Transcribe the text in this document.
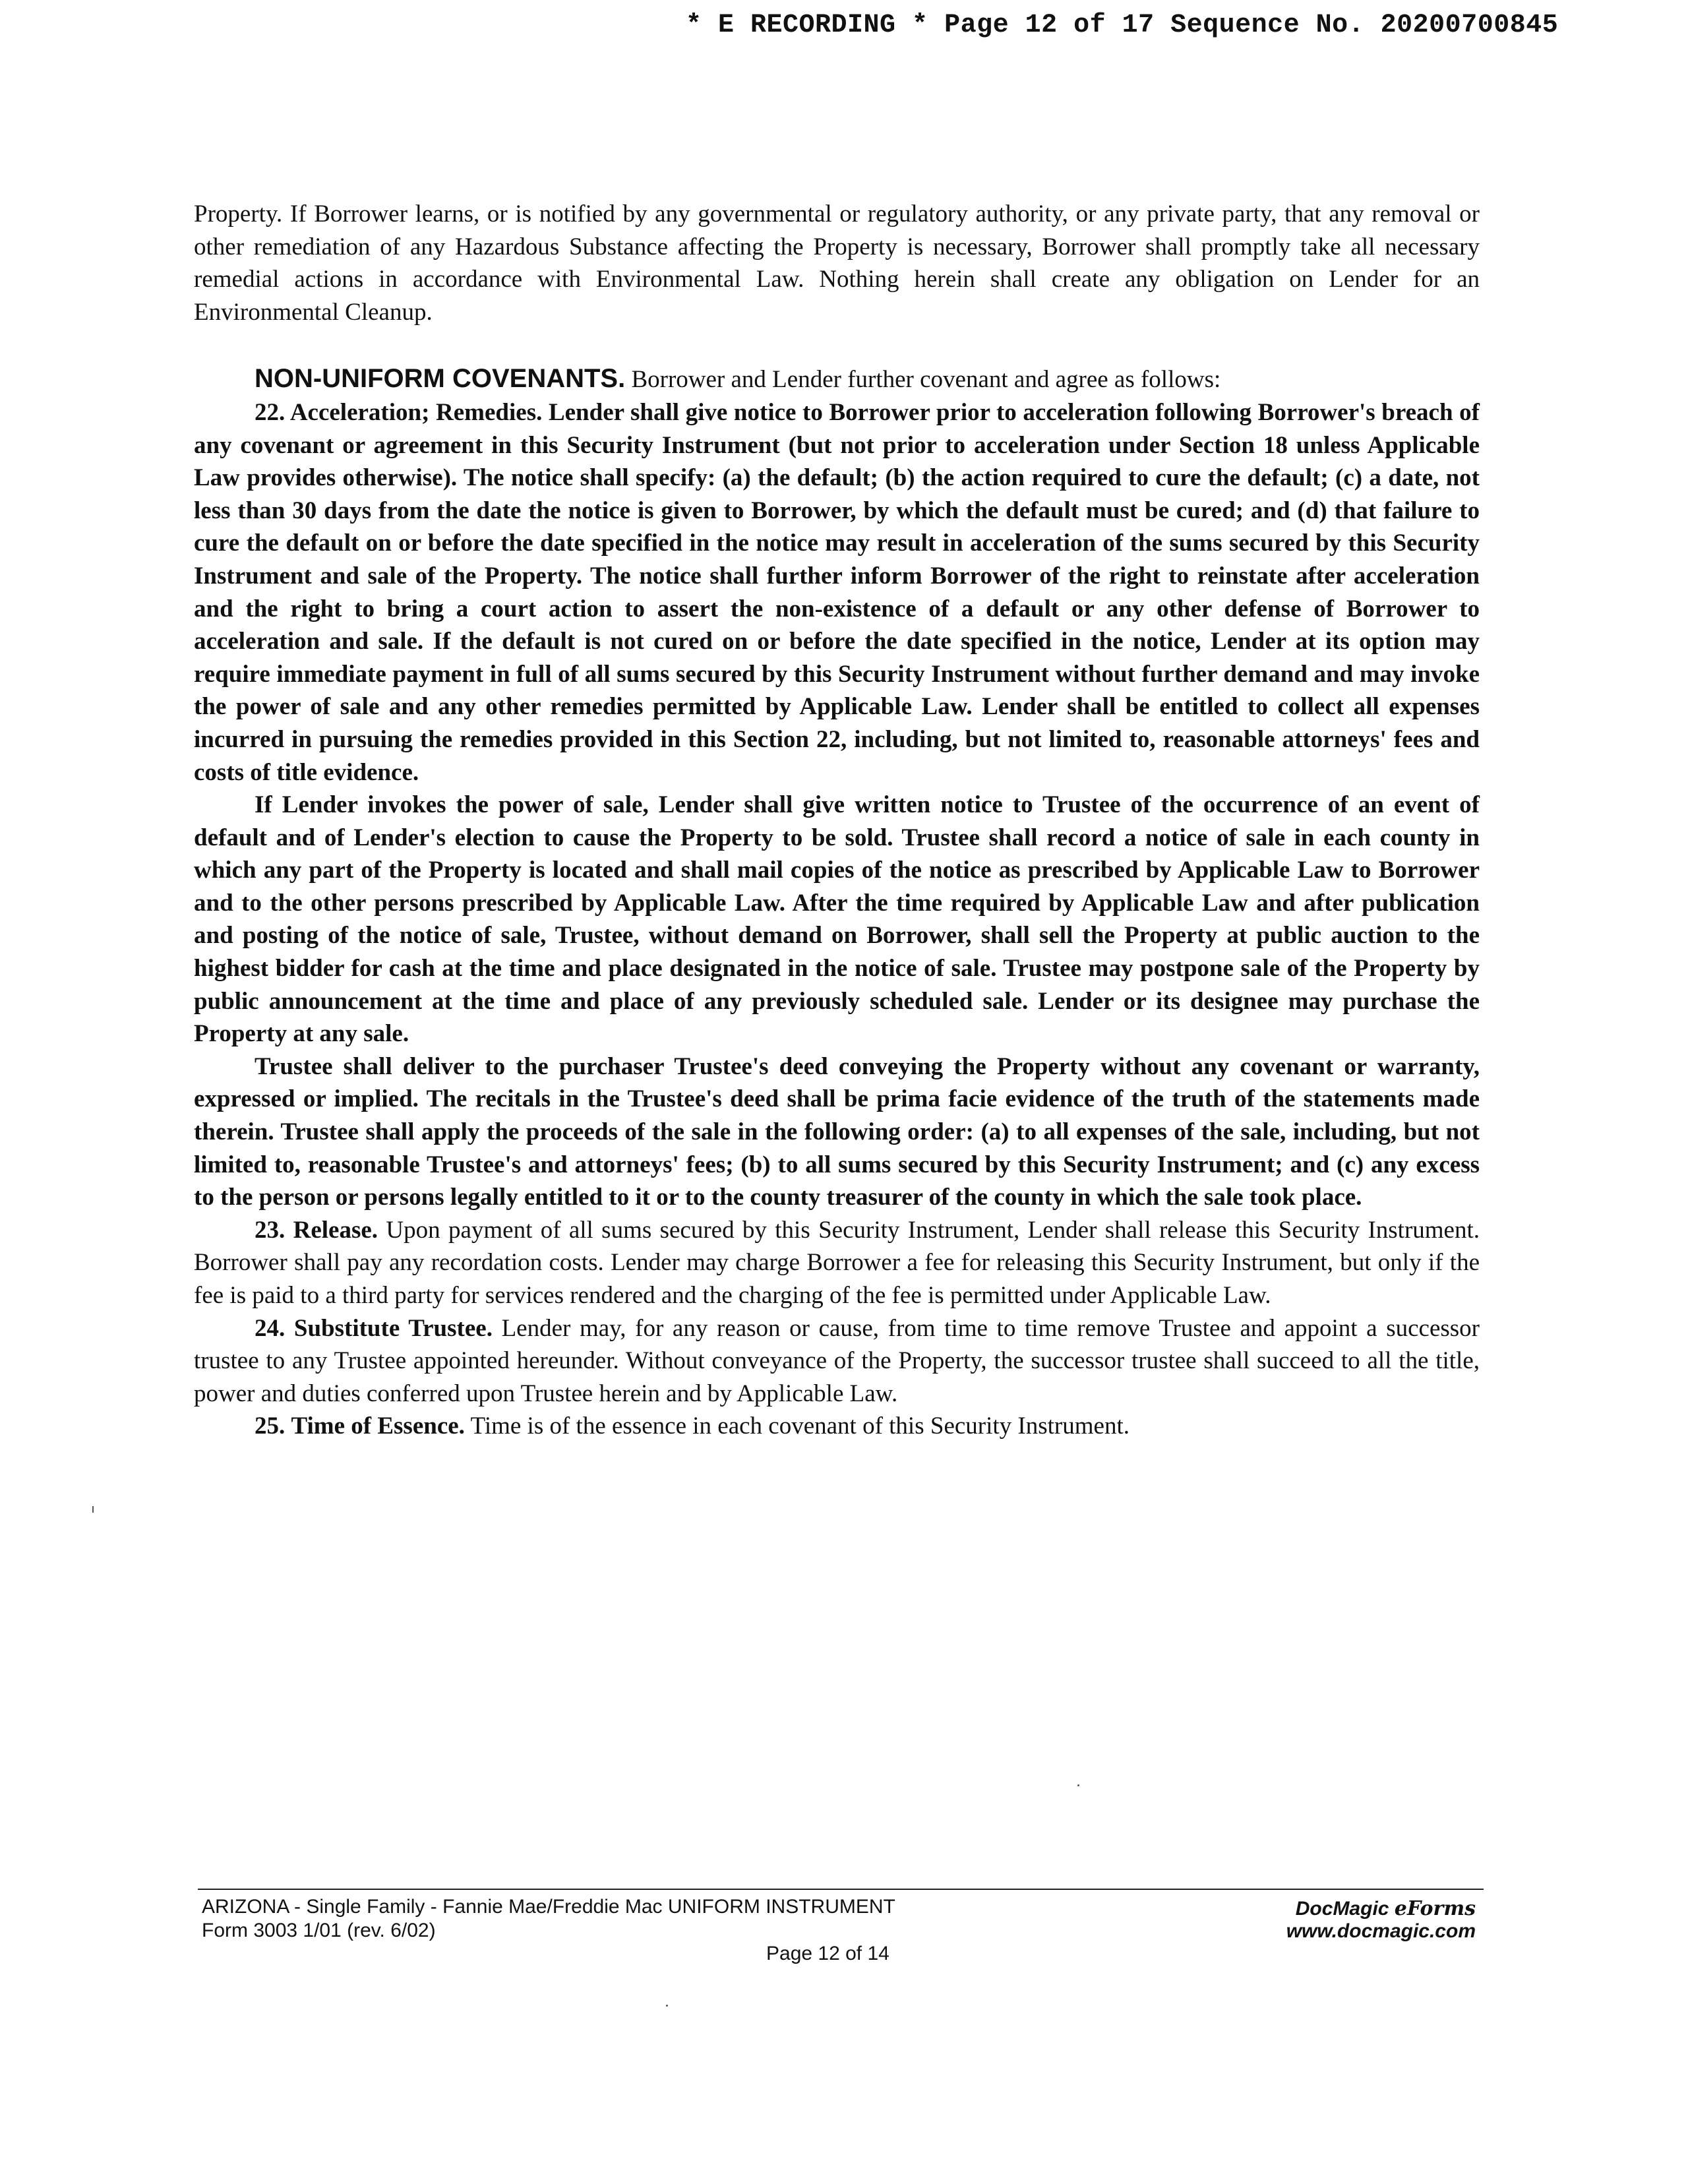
* E RECORDING * Page 12 of 17 Sequence No. 20200700845

Property. If Borrower learns, or is notified by any governmental or regulatory authority, or any private party, that any removal or other remediation of any Hazardous Substance affecting the Property is necessary, Borrower shall promptly take all necessary remedial actions in accordance with Environmental Law. Nothing herein shall create any obligation on Lender for an Environmental Cleanup.

NON-UNIFORM COVENANTS. Borrower and Lender further covenant and agree as follows:

22. Acceleration; Remedies. Lender shall give notice to Borrower prior to acceleration following Borrower's breach of any covenant or agreement in this Security Instrument (but not prior to acceleration under Section 18 unless Applicable Law provides otherwise). The notice shall specify: (a) the default; (b) the action required to cure the default; (c) a date, not less than 30 days from the date the notice is given to Borrower, by which the default must be cured; and (d) that failure to cure the default on or before the date specified in the notice may result in acceleration of the sums secured by this Security Instrument and sale of the Property. The notice shall further inform Borrower of the right to reinstate after acceleration and the right to bring a court action to assert the non-existence of a default or any other defense of Borrower to acceleration and sale. If the default is not cured on or before the date specified in the notice, Lender at its option may require immediate payment in full of all sums secured by this Security Instrument without further demand and may invoke the power of sale and any other remedies permitted by Applicable Law. Lender shall be entitled to collect all expenses incurred in pursuing the remedies provided in this Section 22, including, but not limited to, reasonable attorneys' fees and costs of title evidence.

If Lender invokes the power of sale, Lender shall give written notice to Trustee of the occurrence of an event of default and of Lender's election to cause the Property to be sold. Trustee shall record a notice of sale in each county in which any part of the Property is located and shall mail copies of the notice as prescribed by Applicable Law to Borrower and to the other persons prescribed by Applicable Law. After the time required by Applicable Law and after publication and posting of the notice of sale, Trustee, without demand on Borrower, shall sell the Property at public auction to the highest bidder for cash at the time and place designated in the notice of sale. Trustee may postpone sale of the Property by public announcement at the time and place of any previously scheduled sale. Lender or its designee may purchase the Property at any sale.

Trustee shall deliver to the purchaser Trustee's deed conveying the Property without any covenant or warranty, expressed or implied. The recitals in the Trustee's deed shall be prima facie evidence of the truth of the statements made therein. Trustee shall apply the proceeds of the sale in the following order: (a) to all expenses of the sale, including, but not limited to, reasonable Trustee's and attorneys' fees; (b) to all sums secured by this Security Instrument; and (c) any excess to the person or persons legally entitled to it or to the county treasurer of the county in which the sale took place.

23. Release. Upon payment of all sums secured by this Security Instrument, Lender shall release this Security Instrument. Borrower shall pay any recordation costs. Lender may charge Borrower a fee for releasing this Security Instrument, but only if the fee is paid to a third party for services rendered and the charging of the fee is permitted under Applicable Law.

24. Substitute Trustee. Lender may, for any reason or cause, from time to time remove Trustee and appoint a successor trustee to any Trustee appointed hereunder. Without conveyance of the Property, the successor trustee shall succeed to all the title, power and duties conferred upon Trustee herein and by Applicable Law.

25. Time of Essence. Time is of the essence in each covenant of this Security Instrument.

ARIZONA - Single Family - Fannie Mae/Freddie Mac UNIFORM INSTRUMENT
Form 3003 1/01 (rev. 6/02)
Page 12 of 14
DocMagic eForms
www.docmagic.com
